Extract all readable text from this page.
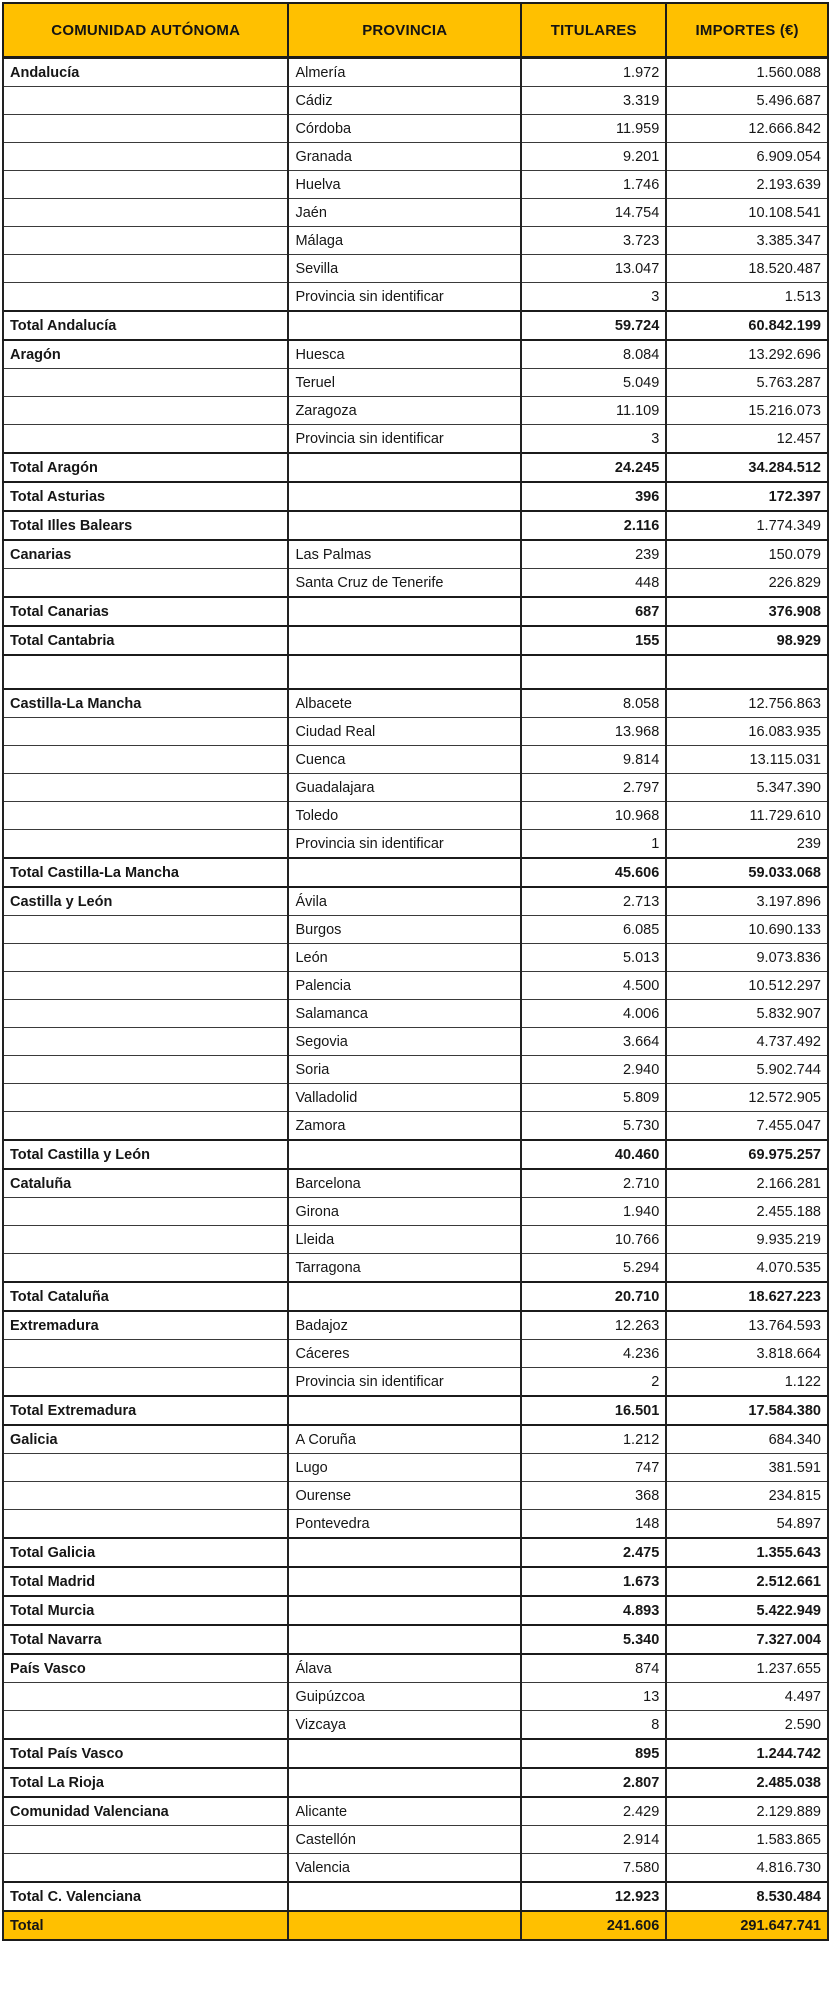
COMUNIDAD AUTÓNOMA	PROVINCIA	TITULARES	IMPORTES (€)
Andalucía	Almería	1.972	1.560.088
	Cádiz	3.319	5.496.687
	Córdoba	11.959	12.666.842
	Granada	9.201	6.909.054
	Huelva	1.746	2.193.639
	Jaén	14.754	10.108.541
	Málaga	3.723	3.385.347
	Sevilla	13.047	18.520.487
	Provincia sin identificar	3	1.513
Total Andalucía		59.724	60.842.199
Aragón	Huesca	8.084	13.292.696
	Teruel	5.049	5.763.287
	Zaragoza	11.109	15.216.073
	Provincia sin identificar	3	12.457
Total Aragón		24.245	34.284.512
Total Asturias		396	172.397
Total Illes Balears		2.116	1.774.349
Canarias	Las Palmas	239	150.079
	Santa Cruz de Tenerife	448	226.829
Total Canarias		687	376.908
Total Cantabria		155	98.929

Castilla-La Mancha	Albacete	8.058	12.756.863
	Ciudad Real	13.968	16.083.935
	Cuenca	9.814	13.115.031
	Guadalajara	2.797	5.347.390
	Toledo	10.968	11.729.610
	Provincia sin identificar	1	239
Total Castilla-La Mancha		45.606	59.033.068
Castilla y León	Ávila	2.713	3.197.896
	Burgos	6.085	10.690.133
	León	5.013	9.073.836
	Palencia	4.500	10.512.297
	Salamanca	4.006	5.832.907
	Segovia	3.664	4.737.492
	Soria	2.940	5.902.744
	Valladolid	5.809	12.572.905
	Zamora	5.730	7.455.047
Total Castilla y León		40.460	69.975.257
Cataluña	Barcelona	2.710	2.166.281
	Girona	1.940	2.455.188
	Lleida	10.766	9.935.219
	Tarragona	5.294	4.070.535
Total Cataluña		20.710	18.627.223
Extremadura	Badajoz	12.263	13.764.593
	Cáceres	4.236	3.818.664
	Provincia sin identificar	2	1.122
Total Extremadura		16.501	17.584.380
Galicia	A Coruña	1.212	684.340
	Lugo	747	381.591
	Ourense	368	234.815
	Pontevedra	148	54.897
Total Galicia		2.475	1.355.643
Total Madrid		1.673	2.512.661
Total Murcia		4.893	5.422.949
Total Navarra		5.340	7.327.004
País Vasco	Álava	874	1.237.655
	Guipúzcoa	13	4.497
	Vizcaya	8	2.590
Total País Vasco		895	1.244.742
Total La Rioja		2.807	2.485.038
Comunidad Valenciana	Alicante	2.429	2.129.889
	Castellón	2.914	1.583.865
	Valencia	7.580	4.816.730
Total C. Valenciana		12.923	8.530.484
Total		241.606	291.647.741
